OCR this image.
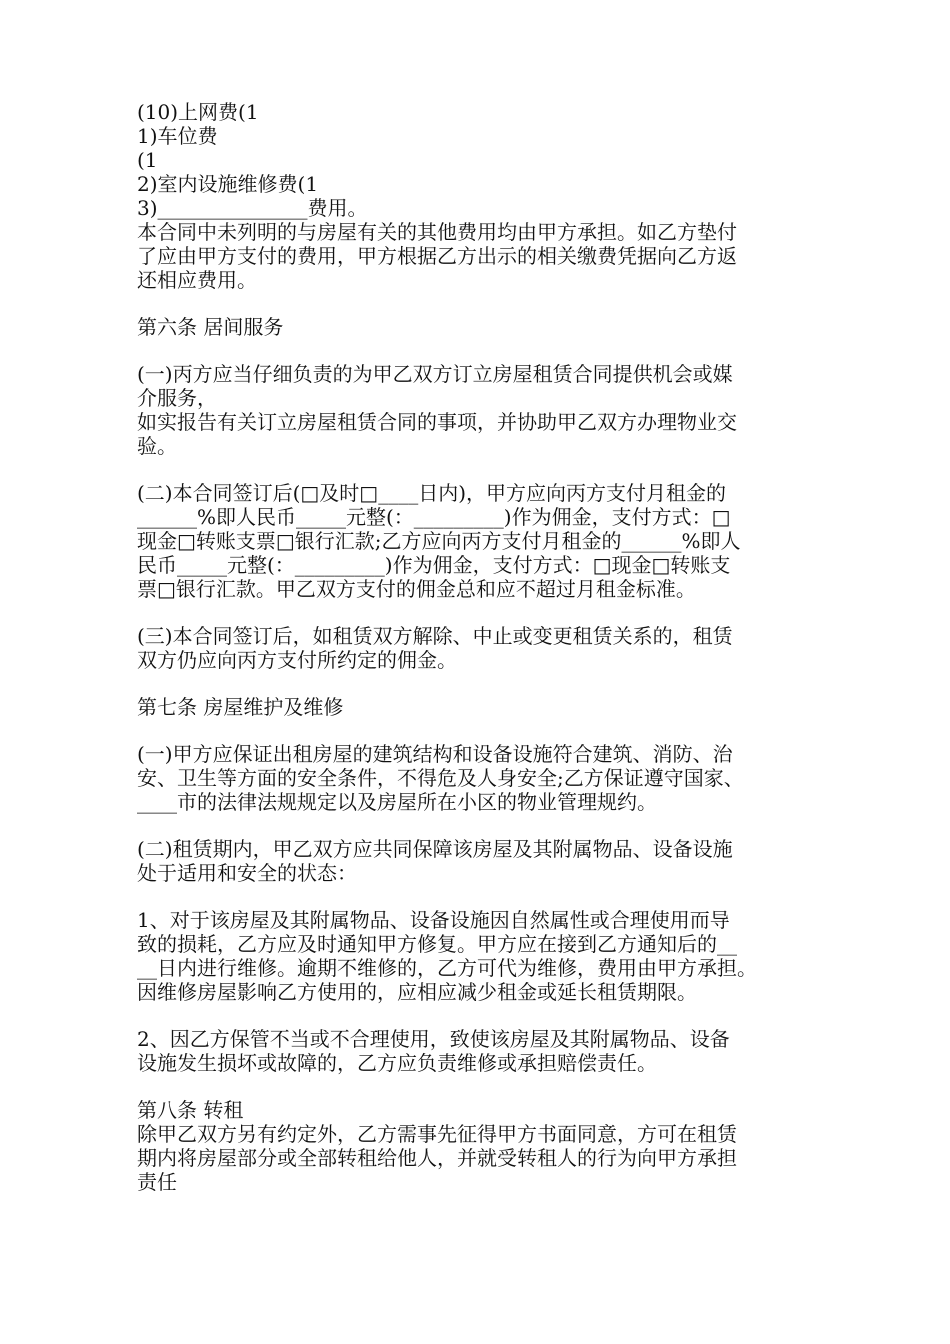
(10)上网费(1
1)车位费
(1
2)室内设施维修费(1
3)_______________费用。
本合同中未列明的与房屋有关的其他费用均由甲方承担。如乙方垫付
了应由甲方支付的费用，甲方根据乙方出示的相关缴费凭据向乙方返
还相应费用。
第六条 居间服务
(一)丙方应当仔细负责的为甲乙双方订立房屋租赁合同提供机会或媒
介服务，
如实报告有关订立房屋租赁合同的事项，并协助甲乙双方办理物业交
验。
(二)本合同签订后(□及时□____日内)，甲方应向丙方支付月租金的
______%即人民币_____元整(：_________)作为佣金，支付方式：□
现金□转账支票□银行汇款;乙方应向丙方支付月租金的______%即人
民币_____元整(：_________)作为佣金，支付方式：□现金□转账支
票□银行汇款。甲乙双方支付的佣金总和应不超过月租金标准。
(三)本合同签订后，如租赁双方解除、中止或变更租赁关系的，租赁
双方仍应向丙方支付所约定的佣金。
第七条 房屋维护及维修
(一)甲方应保证出租房屋的建筑结构和设备设施符合建筑、消防、治
安、卫生等方面的安全条件，不得危及人身安全;乙方保证遵守国家、
____市的法律法规规定以及房屋所在小区的物业管理规约。
(二)租赁期内，甲乙双方应共同保障该房屋及其附属物品、设备设施
处于适用和安全的状态：
1、对于该房屋及其附属物品、设备设施因自然属性或合理使用而导
致的损耗，乙方应及时通知甲方修复。甲方应在接到乙方通知后的__
__日内进行维修。逾期不维修的，乙方可代为维修，费用由甲方承担。
因维修房屋影响乙方使用的，应相应减少租金或延长租赁期限。
2、因乙方保管不当或不合理使用，致使该房屋及其附属物品、设备
设施发生损坏或故障的，乙方应负责维修或承担赔偿责任。
第八条 转租
除甲乙双方另有约定外，乙方需事先征得甲方书面同意，方可在租赁
期内将房屋部分或全部转租给他人，并就受转租人的行为向甲方承担
责任
